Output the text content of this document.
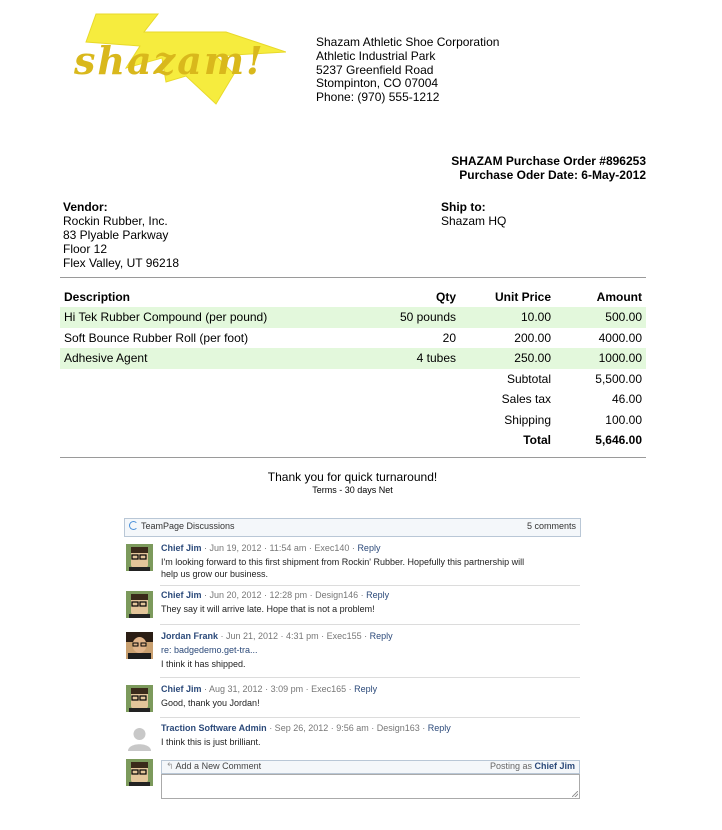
shazam!	Shazam Athletic Shoe Corporation
Athletic Industrial Park
5237 Greenfield Road
Stompinton, CO 07004
Phone: (970) 555-1212
SHAZAM Purchase Order #896253
Purchase Oder Date: 6-May-2012
Vendor:
Rockin Rubber, Inc.
83 Plyable Parkway
Floor 12
Flex Valley, UT 96218
Ship to:
Shazam HQ
Description	Qty	Unit Price	Amount
Hi Tek Rubber Compound (per pound)	50 pounds	10.00	500.00
Soft Bounce Rubber Roll (per foot)	20	200.00	4000.00
Adhesive Agent	4 tubes	250.00	1000.00
		Subtotal	5,500.00
		Sales tax	46.00
		Shipping	100.00
		Total	5,646.00
Thank you for quick turnaround!
Terms - 30 days Net
TeamPage Discussions	5 comments
Chief Jim · Jun 19, 2012 · 11:54 am · Exec140 · Reply
I'm looking forward to this first shipment from Rockin' Rubber. Hopefully this partnership will
help us grow our business.
Chief Jim · Jun 20, 2012 · 12:28 pm · Design146 · Reply
They say it will arrive late. Hope that is not a problem!
Jordan Frank · Jun 21, 2012 · 4:31 pm · Exec155 · Reply
re: badgedemo.get-tra...
I think it has shipped.
Chief Jim · Aug 31, 2012 · 3:09 pm · Exec165 · Reply
Good, thank you Jordan!
Traction Software Admin · Sep 26, 2012 · 9:56 am · Design163 · Reply
I think this is just brilliant.
↰ Add a New Comment	Posting as Chief Jim
